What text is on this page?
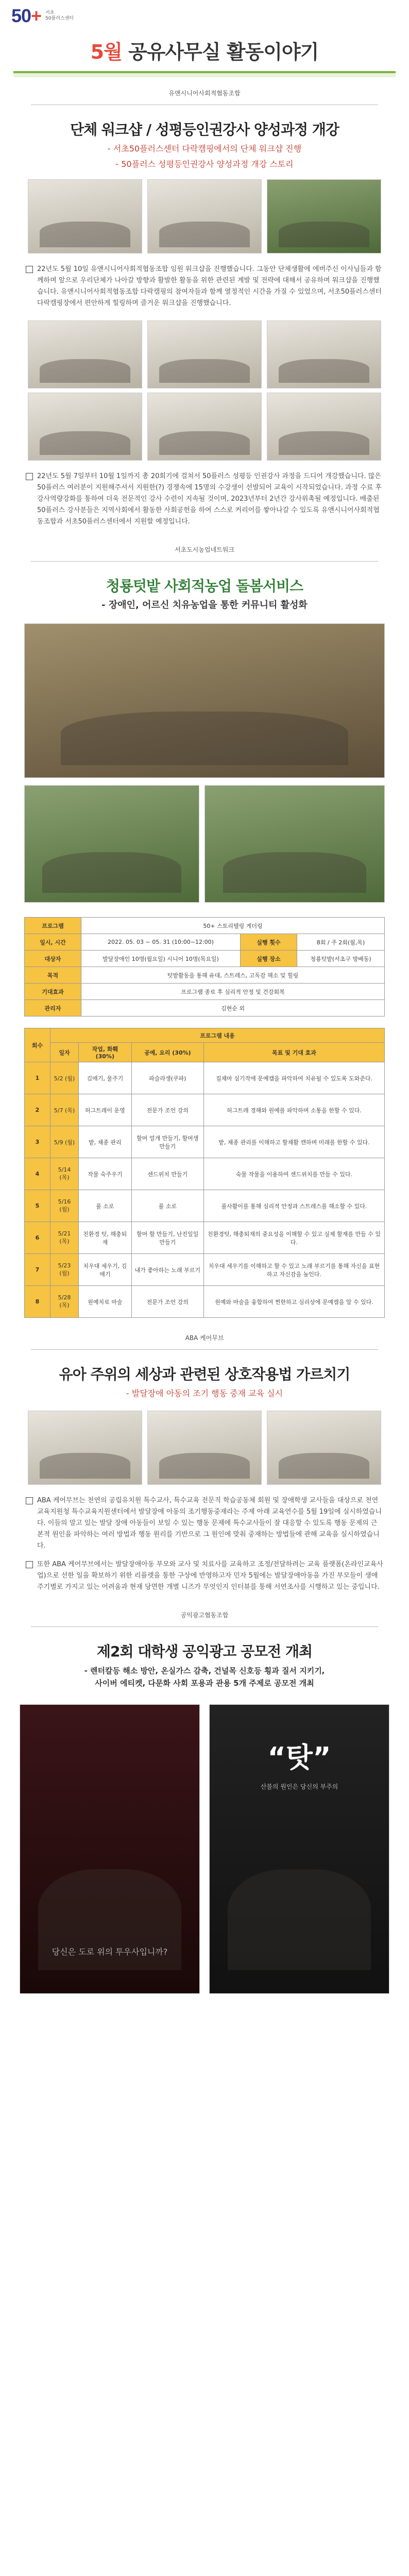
50+ 서초
50플러스센터
5월 공유사무실 활동이야기
유앤시니어사회적협동조합
단체 워크샵 / 성평등인권강사 양성과정 개강
- 서초50플러스센터 다락캠핑에서의 단체 워크샵 진행
- 50플러스 성평등인권강사 양성과정 개강 스토리
22년도 5월 10일 유앤시니어사회적협동조합 임원 워크샵을 진행했습니다. 그동안 단체생활에 에버주신 이사님들과 함께하며 앞으로 우리단체가 나아갈 방향과 활발한 활동을 위한 관련된 계발 및 전략에 대해서 공유하며 워크샵을 진행했습니다. 유앤시니어사회적협동조합 다락캠핑의 참여자들과 함께 열정적인 시간을 가질 수 있었으며, 서초50플러스센터 다락캠핑장에서 편안하게 힐링하며 즐거운 워크샵을 진행했습니다.
22년도 5월 7일부터 10월 1일까지 총 20회기에 걸쳐서 50플러스 성평등 인권강사 과정을 드디어 개강했습니다. 많은 50플러스 여러분이 지원해주셔서 지원한(?) 경쟁속에 15명의 수강생이 선발되어 교육이 시작되었습니다. 과정 수료 후 강사역량강화를 통하여 더욱 전문적인 강사 수련이 지속될 것이며, 2023년부터 2년간 강사위촉될 예정입니다. 배출된 50플러스 강사분들은 지역사회에서 활동한 사회공헌을 하여 스스로 커리어를 쌓아나갈 수 있도록 유앤시니어사회적협동조합과 서초50플러스센터에서 지원할 예정입니다.
서초도시농업네트워크
청룡텃밭 사회적농업 돌봄서비스
- 장애인, 어르신 치유농업을 통한 커뮤니티 활성화
프로그램	50+ 스토리텔링 게더링		
일시, 시간	2022. 05. 03 ~ 05. 31 (10:00~12:00)	실행 횟수	8회 / 주 2회(월,목)
대상자	발달장애인 10명(월요일) 시니어 10명(목요일)	실행 장소	청룡텃밭(서초구 방배동)
목적	텃밭활동을 통해 유대, 스트레스, 고독감 해소 및 힐링		
기대효과	프로그램 종료 후 심리적 안정 및 건강회복		
관리자	김현순 외		
회수	프로그램 내용			
	일자	작업, 화훼 (30%)	공예, 요리 (30%)	목표 및 기대 효과
1	5/2 (월)	김매기, 물주기	파슬라생(쿠파)	집채마 심기작에 문예캠을 파악하여 치유될 수 있도록 도와준다.
2	5/7 (목)	허그트레이 운영	전문가 조언 강의	허그트레 경해와 원예를 파악하며 소통을 한할 수 있다.
3	5/9 (월)	밭, 채종 관리	할머 얼개 만들기, 할머생 만들기	밭, 채종 관리를 이해하고 할채활 캔하며 미래를 한할 수 있다.
4	5/14 (목)	작물 숙주우기	센드위치 만들기	숙물 작물을 이용하여 센드위치를 만들 수 있다.
5	5/16 (월)	풀 소로	풀 소로	풀사활이를 통해 심리적 안정과 스트레스를 해소할 수 있다.
6	5/21 (목)	친환경 텃, 해충퇴재	할머 할 만들기, 난진잎일 만들기	친환경텃, 해충퇴재의 중요성을 이해할 수 있고 실제 할재를 만들 수 있다.
7	5/23 (월)	치우대 세우기, 김매기	내가 좋아하는 노래 부르기	치우대 세우기를 이해하고 할 수 있고 노래 부르기를 통해 자신을 표현하고 자신감을 높인다.
8	5/28 (목)	원예치료 마술	전문가 조언 강의	원예와 마술을 융합하여 찐한하고 심리상에 문예캠을 알 수 있다.
ABA 케어무브
유아 주위의 세상과 관련된 상호작용법 가르치기
- 발달장애 아동의 조기 행동 중재 교육 실시
ABA 케어무브는 천연의 공립유치원 특수교사, 특수교육 전문직 학습공동체 회원 및 장애학생 교사들을 대상으로 천연교육지원청 특수교육지원센터에서 발달장애 아동의 조기행동중재라는 주제 아래 교육연수를 5월 19일에 실시하였습니다. 이들의 말고 있는 발달 장애 아동들이 보일 수 있는 행동 문제에 특수교사들이 잘 대응할 수 있도록 행동 문제의 근본적 원인을 파악하는 여러 방법과 행동 원리를 기반으로 그 원인에 맞춰 중재하는 방법들에 관해 교육을 실시하였습니다.
또한 ABA 케어무브에서는 발달장애아동 부모와 교사 및 치료사를 교육하고 조정/전달하려는 교육 플랫폼(온라인교육사업)으로 선한 일을 확보하기 위한 리플렛을 통한 구상에 반영하고자 민자 5월에는 발달장애아동을 가진 부모들이 생애주기별로 가지고 있는 어려움과 현재 당면한 개별 니즈가 무엇인지 인터뷰를 통해 서연조사를 시행하고 있는 중입니다.
공익광고협동조합
제2회 대학생 공익광고 공모전 개최
- 렌터칼등 해소 방안, 온실가스 감축, 건널목 신호등 횡과 질서 지키기,
사이버 에티켓, 다문화 사회 포용과 관용 5개 주제로 공모전 개최
당신은 도로 위의 투우사입니까?
“탓”
산불의 원인은 당신의 부주의
